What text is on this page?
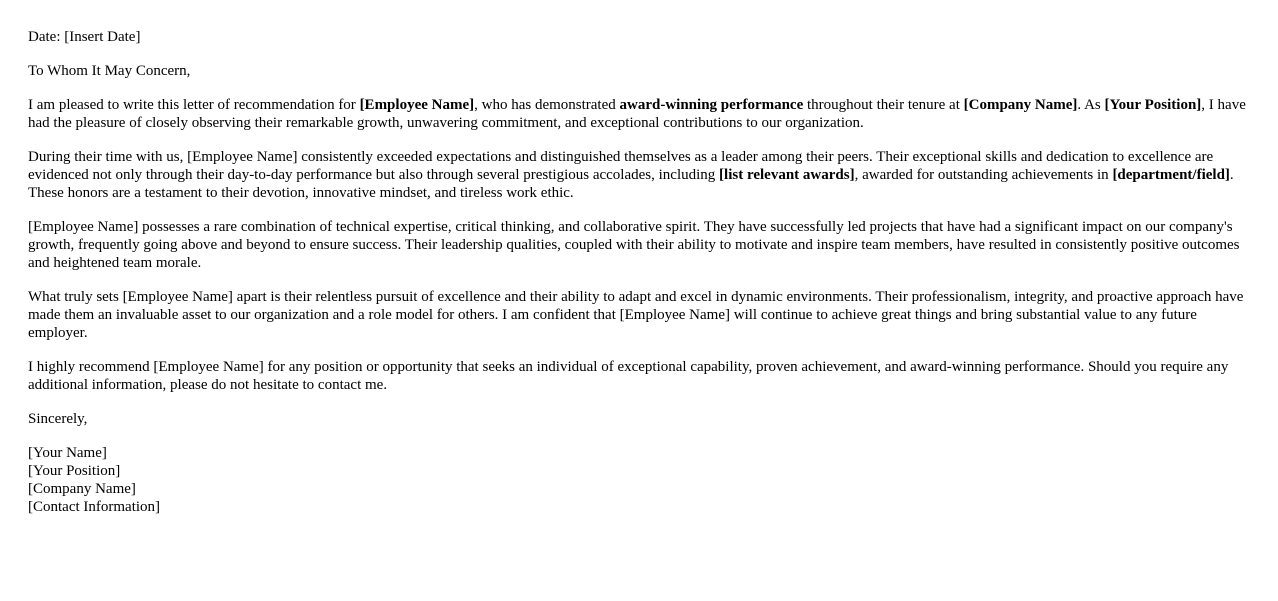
Date: [Insert Date]

To Whom It May Concern,

I am pleased to write this letter of recommendation for [Employee Name], who has demonstrated award-winning performance throughout their tenure at [Company Name]. As [Your Position], I have had the pleasure of closely observing their remarkable growth, unwavering commitment, and exceptional contributions to our organization.

During their time with us, [Employee Name] consistently exceeded expectations and distinguished themselves as a leader among their peers. Their exceptional skills and dedication to excellence are evidenced not only through their day-to-day performance but also through several prestigious accolades, including [list relevant awards], awarded for outstanding achievements in [department/field]. These honors are a testament to their devotion, innovative mindset, and tireless work ethic.

[Employee Name] possesses a rare combination of technical expertise, critical thinking, and collaborative spirit. They have successfully led projects that have had a significant impact on our company's growth, frequently going above and beyond to ensure success. Their leadership qualities, coupled with their ability to motivate and inspire team members, have resulted in consistently positive outcomes and heightened team morale.

What truly sets [Employee Name] apart is their relentless pursuit of excellence and their ability to adapt and excel in dynamic environments. Their professionalism, integrity, and proactive approach have made them an invaluable asset to our organization and a role model for others. I am confident that [Employee Name] will continue to achieve great things and bring substantial value to any future employer.

I highly recommend [Employee Name] for any position or opportunity that seeks an individual of exceptional capability, proven achievement, and award-winning performance. Should you require any additional information, please do not hesitate to contact me.

Sincerely,

[Your Name]

[Your Position]

[Company Name]

[Contact Information]
